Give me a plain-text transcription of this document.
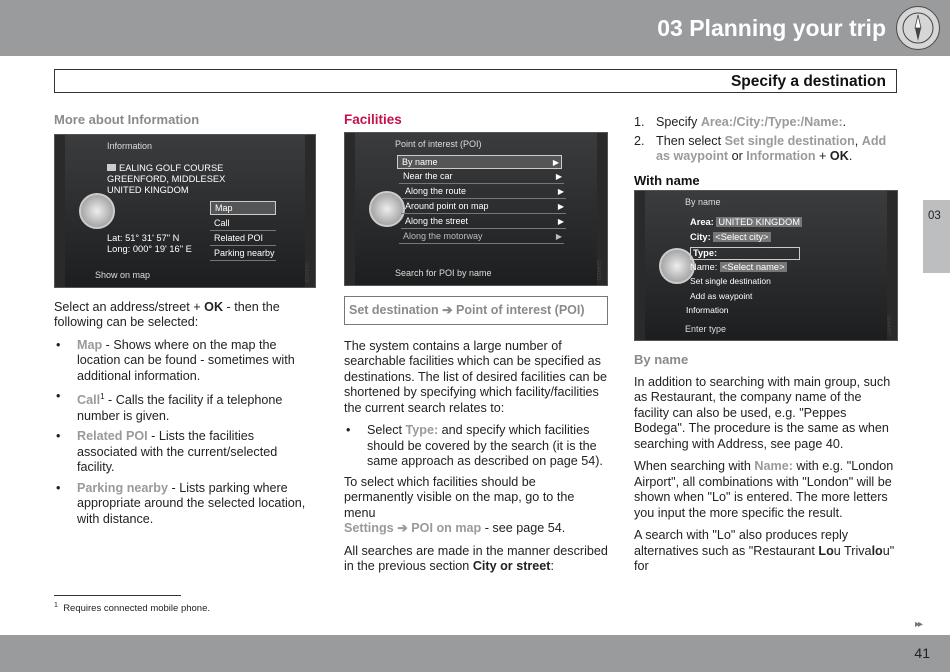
03 Planning your trip
Specify a destination
03
More about Information
Information
EALING GOLF COURSE
GREENFORD, MIDDLESEX
UNITED KINGDOM
Lat: 51° 31' 57" N
Long: 000° 19' 16" E
Map
Call
Related POI
Parking nearby
Show on map	G044229

Select an address/street + OK - then the following can be selected:

• Map - Shows where on the map the location can be found - sometimes with additional information.
• Call$^1$ - Calls the facility if a telephone number is given.
• Related POI - Lists the facilities associated with the current/selected facility.
• Parking nearby - Lists parking where appropriate around the selected location, with distance.
Facilities
Point of interest (POI)
By name	▶
Near the car	▶
Along the route	▶
Around point on map	▶
Along the street	▶
Along the motorway	▶
Search for POI by name	G044231
Set destination ➔ Point of interest (POI)

The system contains a large number of searchable facilities which can be specified as destinations. The list of desired facilities can be shortened by specifying which facility/facilities the current search relates to:

• Select Type: and specify which facilities should be covered by the search (it is the same approach as described on page 54).

To select which facilities should be permanently visible on the map, go to the menu
Settings ➔ POI on map - see page 54.

All searches are made in the manner described in the previous section City or street:

1. Specify Area:/City:/Type:/Name:.
2. Then select Set single destination, Add as waypoint or Information + OK.
With name
By name
Area: UNITED KINGDOM
City: <Select city>
Type:
Name: <Select name>
Set single destination
Add as waypoint
Information
Enter type	G044477
By name

In addition to searching with main group, such as Restaurant, the company name of the facility can also be used, e.g. "Peppes Bodega". The procedure is the same as when searching with Address, see page 40.

When searching with Name: with e.g. "London Airport", all combinations with "London" will be shown when "Lo" is entered. The more letters you input the more specific the result.

A search with "Lo" also produces reply alternatives such as "Restaurant Lou Trivalou" for

$^1$ Requires connected mobile phone.
▸▸
41
